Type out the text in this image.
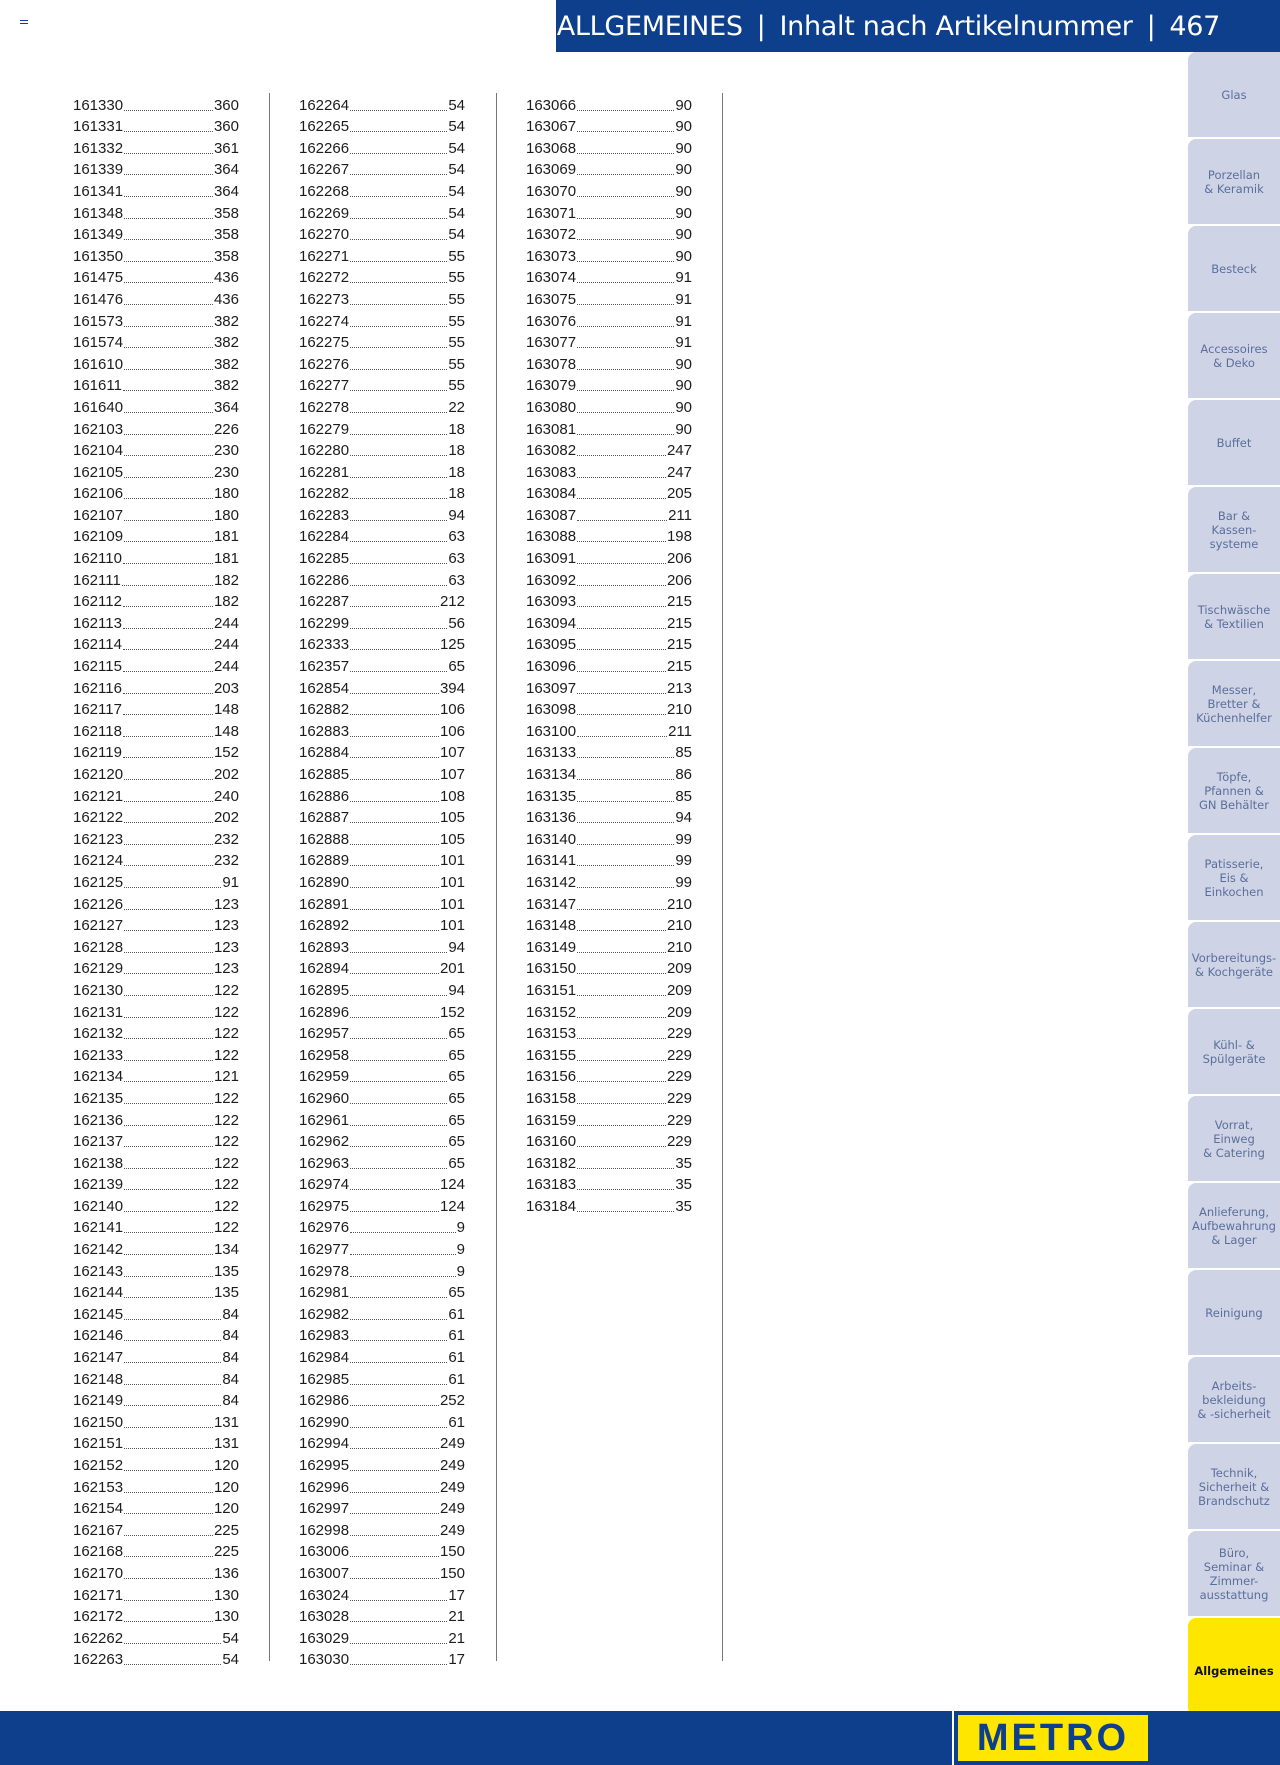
ALLGEMEINES | Inhalt nach Artikelnummer | 467
161330	360
161331	360
161332	361
161339	364
161341	364
161348	358
161349	358
161350	358
161475	436
161476	436
161573	382
161574	382
161610	382
161611	382
161640	364
162103	226
162104	230
162105	230
162106	180
162107	180
162109	181
162110	181
162111	182
162112	182
162113	244
162114	244
162115	244
162116	203
162117	148
162118	148
162119	152
162120	202
162121	240
162122	202
162123	232
162124	232
162125	91
162126	123
162127	123
162128	123
162129	123
162130	122
162131	122
162132	122
162133	122
162134	121
162135	122
162136	122
162137	122
162138	122
162139	122
162140	122
162141	122
162142	134
162143	135
162144	135
162145	84
162146	84
162147	84
162148	84
162149	84
162150	131
162151	131
162152	120
162153	120
162154	120
162167	225
162168	225
162170	136
162171	130
162172	130
162262	54
162263	54
162264	54
162265	54
162266	54
162267	54
162268	54
162269	54
162270	54
162271	55
162272	55
162273	55
162274	55
162275	55
162276	55
162277	55
162278	22
162279	18
162280	18
162281	18
162282	18
162283	94
162284	63
162285	63
162286	63
162287	212
162299	56
162333	125
162357	65
162854	394
162882	106
162883	106
162884	107
162885	107
162886	108
162887	105
162888	105
162889	101
162890	101
162891	101
162892	101
162893	94
162894	201
162895	94
162896	152
162957	65
162958	65
162959	65
162960	65
162961	65
162962	65
162963	65
162974	124
162975	124
162976	9
162977	9
162978	9
162981	65
162982	61
162983	61
162984	61
162985	61
162986	252
162990	61
162994	249
162995	249
162996	249
162997	249
162998	249
163006	150
163007	150
163024	17
163028	21
163029	21
163030	17
163066	90
163067	90
163068	90
163069	90
163070	90
163071	90
163072	90
163073	90
163074	91
163075	91
163076	91
163077	91
163078	90
163079	90
163080	90
163081	90
163082	247
163083	247
163084	205
163087	211
163088	198
163091	206
163092	206
163093	215
163094	215
163095	215
163096	215
163097	213
163098	210
163100	211
163133	85
163134	86
163135	85
163136	94
163140	99
163141	99
163142	99
163147	210
163148	210
163149	210
163150	209
163151	209
163152	209
163153	229
163155	229
163156	229
163158	229
163159	229
163160	229
163182	35
163183	35
163184	35
Glas
Porzellan
& Keramik
Besteck
Accessoires
& Deko
Buffet
Bar &
Kassen-
systeme
Tischwäsche
& Textilien
Messer,
Bretter &
Küchenhelfer
Töpfe,
Pfannen &
GN Behälter
Patisserie,
Eis &
Einkochen
Vorbereitungs-
& Kochgeräte
Kühl- &
Spülgeräte
Vorrat,
Einweg
& Catering
Anlieferung,
Aufbewahrung
& Lager
Reinigung
Arbeits-
bekleidung
& -sicherheit
Technik,
Sicherheit &
Brandschutz
Büro,
Seminar &
Zimmer-
ausstattung
Allgemeines
METRO
